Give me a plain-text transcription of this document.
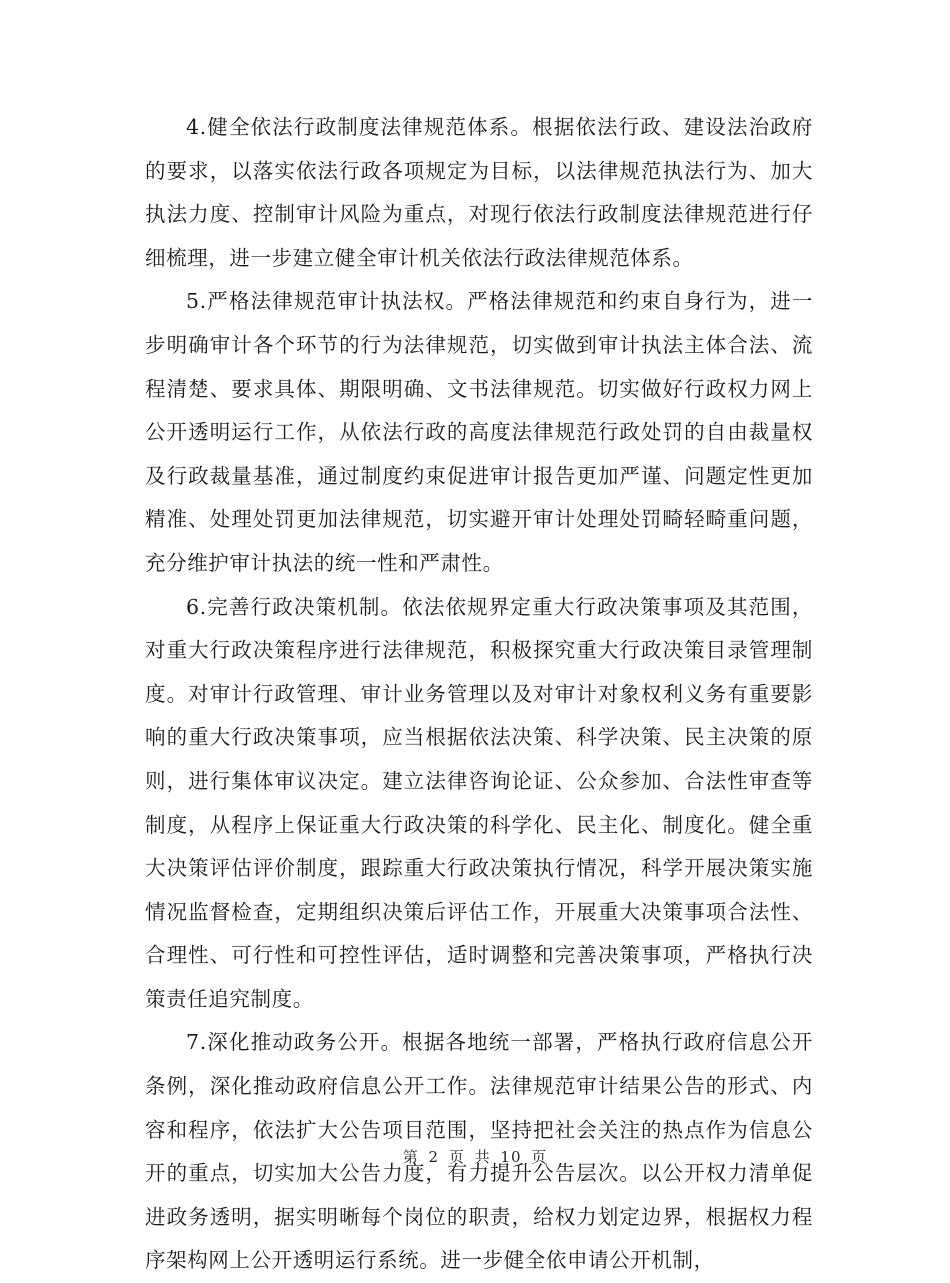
4.健全依法行政制度法律规范体系。根据依法行政、建设法治政府的要求，以落实依法行政各项规定为目标，以法律规范执法行为、加大执法力度、控制审计风险为重点，对现行依法行政制度法律规范进行仔细梳理，进一步建立健全审计机关依法行政法律规范体系。

5.严格法律规范审计执法权。严格法律规范和约束自身行为，进一步明确审计各个环节的行为法律规范，切实做到审计执法主体合法、流程清楚、要求具体、期限明确、文书法律规范。切实做好行政权力网上公开透明运行工作，从依法行政的高度法律规范行政处罚的自由裁量权及行政裁量基准，通过制度约束促进审计报告更加严谨、问题定性更加精准、处理处罚更加法律规范，切实避开审计处理处罚畸轻畸重问题，充分维护审计执法的统一性和严肃性。

6.完善行政决策机制。依法依规界定重大行政决策事项及其范围，对重大行政决策程序进行法律规范，积极探究重大行政决策目录管理制度。对审计行政管理、审计业务管理以及对审计对象权利义务有重要影响的重大行政决策事项，应当根据依法决策、科学决策、民主决策的原则，进行集体审议决定。建立法律咨询论证、公众参加、合法性审查等制度，从程序上保证重大行政决策的科学化、民主化、制度化。健全重大决策评估评价制度，跟踪重大行政决策执行情况，科学开展决策实施情况监督检查，定期组织决策后评估工作，开展重大决策事项合法性、合理性、可行性和可控性评估，适时调整和完善决策事项，严格执行决策责任追究制度。

7.深化推动政务公开。根据各地统一部署，严格执行政府信息公开条例，深化推动政府信息公开工作。法律规范审计结果公告的形式、内容和程序，依法扩大公告项目范围，坚持把社会关注的热点作为信息公开的重点，切实加大公告力度，有力提升公告层次。以公开权力清单促进政务透明，据实明晰每个岗位的职责，给权力划定边界，根据权力程序架构网上公开透明运行系统。进一步健全依申请公开机制，

第 2 页 共 10 页
